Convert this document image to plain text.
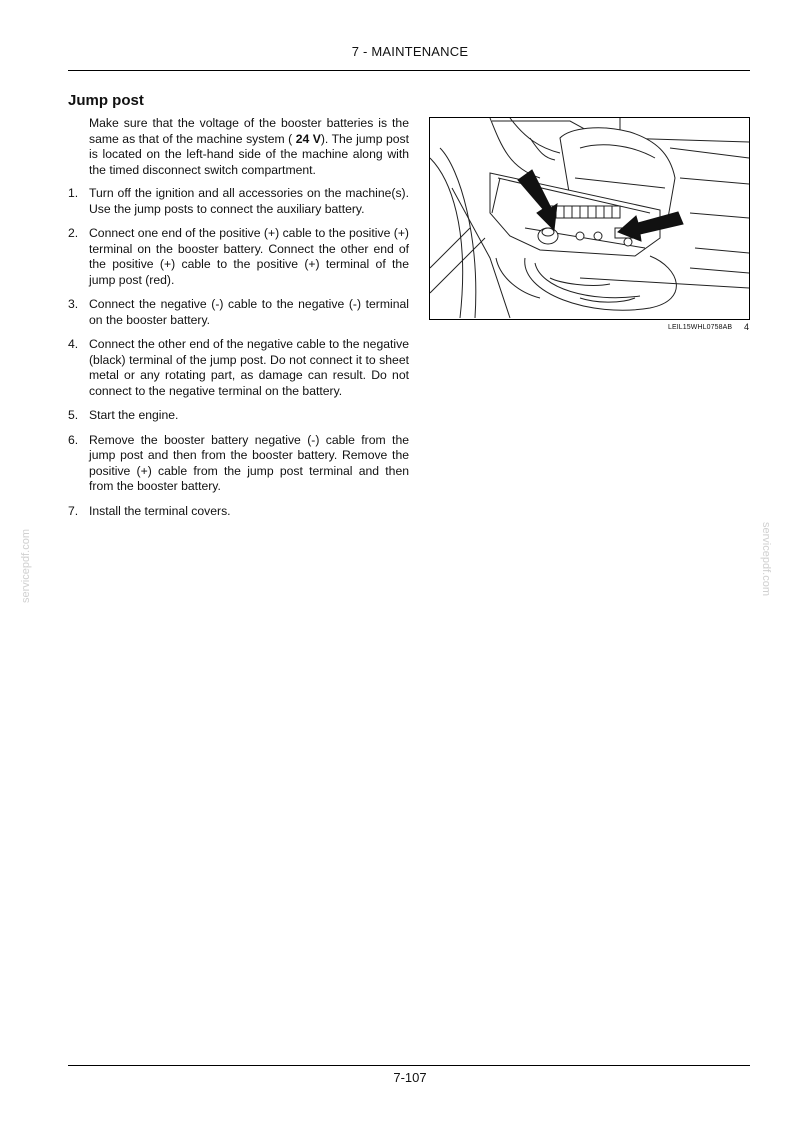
7 - MAINTENANCE
Jump post
Make sure that the voltage of the booster batteries is the same as that of the machine system ( 24 V). The jump post is located on the left-hand side of the machine along with the timed disconnect switch compartment.
1. Turn off the ignition and all accessories on the machine(s). Use the jump posts to connect the auxiliary battery.
2. Connect one end of the positive (+) cable to the positive (+) terminal on the booster battery. Connect the other end of the positive (+) cable to the positive (+) terminal of the jump post (red).
3. Connect the negative (-) cable to the negative (-) terminal on the booster battery.
4. Connect the other end of the negative cable to the negative (black) terminal of the jump post. Do not connect it to sheet metal or any rotating part, as damage can result. Do not connect to the negative terminal on the battery.
5. Start the engine.
6. Remove the booster battery negative (-) cable from the jump post and then from the booster battery. Remove the positive (+) cable from the jump post terminal and then from the booster battery.
7. Install the terminal covers.
LEIL15WHL0758AB 4
servicepdf.com	servicepdf.com
7-107
